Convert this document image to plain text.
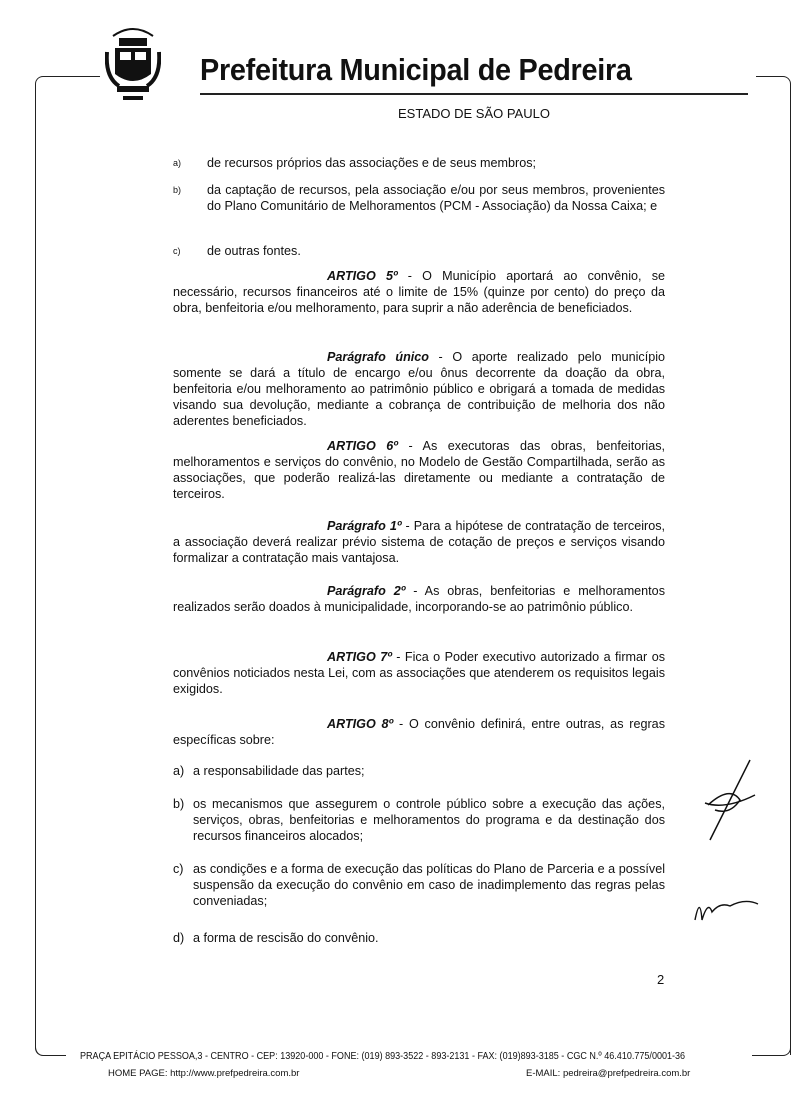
Prefeitura Municipal de Pedreira
ESTADO DE SÃO PAULO
a)	de recursos próprios das associações e de seus membros;
b)	da captação de recursos, pela associação e/ou por seus membros, provenientes do Plano Comunitário de Melhoramentos (PCM - Associação) da Nossa Caixa; e
c)	de outras fontes.
ARTIGO 5º - O Município aportará ao convênio, se necessário, recursos financeiros até o limite de 15% (quinze por cento) do preço da obra, benfeitoria e/ou melhoramento, para suprir a não aderência de beneficiados.
Parágrafo único - O aporte realizado pelo município somente se dará a título de encargo e/ou ônus decorrente da doação da obra, benfeitoria e/ou melhoramento ao patrimônio público e obrigará a tomada de medidas visando sua devolução, mediante a cobrança de contribuição de melhoria dos não aderentes beneficiados.
ARTIGO 6º - As executoras das obras, benfeitorias, melhoramentos e serviços do convênio, no Modelo de Gestão Compartilhada, serão as associações, que poderão realizá-las diretamente ou mediante a contratação de terceiros.
Parágrafo 1º - Para a hipótese de contratação de terceiros, a associação deverá realizar prévio sistema de cotação de preços e serviços visando formalizar a contratação mais vantajosa.
Parágrafo 2º - As obras, benfeitorias e melhoramentos realizados serão doados à municipalidade, incorporando-se ao patrimônio público.
ARTIGO 7º - Fica o Poder executivo autorizado a firmar os convênios noticiados nesta Lei, com as associações que atenderem os requisitos legais exigidos.
ARTIGO 8º - O convênio definirá, entre outras, as regras específicas sobre:
a) a responsabilidade das partes;
b) os mecanismos que assegurem o controle público sobre a execução das ações, serviços, obras, benfeitorias e melhoramentos do programa e da destinação dos recursos financeiros alocados;
c) as condições e a forma de execução das políticas do Plano de Parceria e a possível suspensão da execução do convênio em caso de inadimplemento das regras pelas conveniadas;
d) a forma de rescisão do convênio.
2
PRAÇA EPITÁCIO PESSOA,3 - CENTRO - CEP: 13920-000 - FONE: (019) 893-3522 - 893-2131 - FAX: (019)893-3185 - CGC N.º 46.410.775/0001-36
HOME PAGE: http://www.prefpedreira.com.br	E-MAIL: pedreira@prefpedreira.com.br
